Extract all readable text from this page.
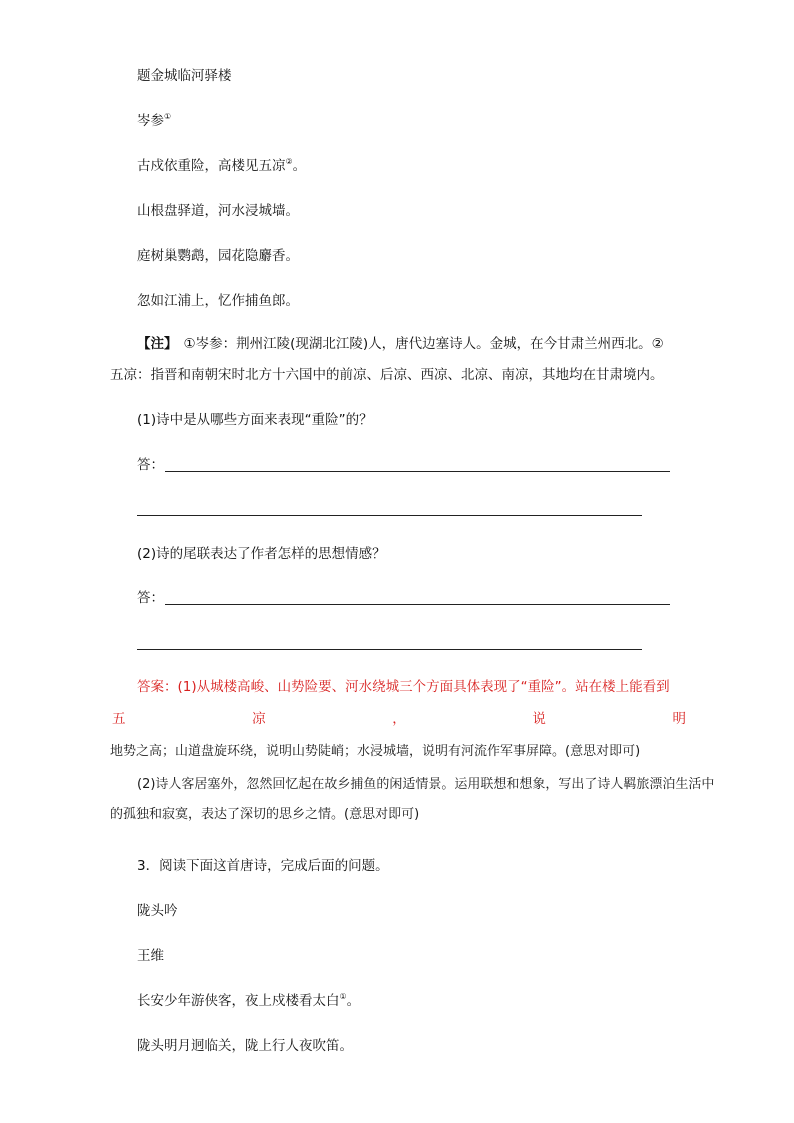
题金城临河驿楼
岑参①
古戍依重险，高楼见五凉②。
山根盘驿道，河水浸城墙。
庭树巢鹦鹉，园花隐麝香。
忽如江浦上，忆作捕鱼郎。
【注】 ①岑参：荆州江陵(现湖北江陵)人，唐代边塞诗人。金城，在今甘肃兰州西北。②
五凉：指晋和南朝宋时北方十六国中的前凉、后凉、西凉、北凉、南凉，其地均在甘肃境内。
(1)诗中是从哪些方面来表现“重险”的？
答：
(2)诗的尾联表达了作者怎样的思想情感？
答：
答案：(1)从城楼高峻、山势险要、河水绕城三个方面具体表现了“重险”。站在楼上能看到
五	凉	，	说	明
地势之高；山道盘旋环绕，说明山势陡峭；水浸城墙，说明有河流作军事屏障。(意思对即可)
(2)诗人客居塞外，忽然回忆起在故乡捕鱼的闲适情景。运用联想和想象，写出了诗人羁旅漂泊生活中
的孤独和寂寞，表达了深切的思乡之情。(意思对即可)
3．阅读下面这首唐诗，完成后面的问题。
陇头吟
王维
长安少年游侠客，夜上戍楼看太白①。
陇头明月迥临关，陇上行人夜吹笛。
